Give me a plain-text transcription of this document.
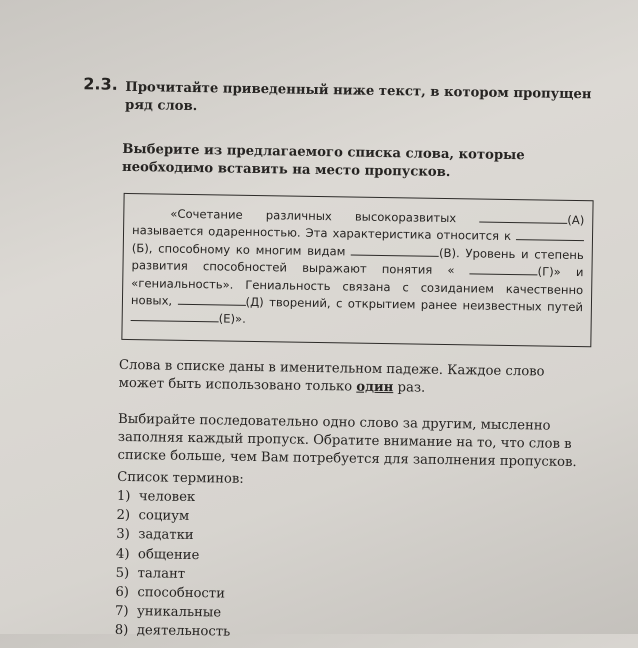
2.3. Прочитайте приведенный ниже текст, в котором пропущен ряд слов.
Выберите из предлагаемого списка слова, которые необходимо вставить на место пропусков.
«Сочетание различных высокоразвитых	(А) называется одаренностью. Эта характеристика относится к (Б), способному ко многим видам	(В). Уровень и степень развития способностей выражают понятия «	(Г)» и «гениальность». Гениальность связана с созиданием качественно новых,	(Д) творений, с открытием ранее неизвестных путей (Е)».
Слова в списке даны в именительном падеже. Каждое слово может быть использовано только один раз.
Выбирайте последовательно одно слово за другим, мысленно заполняя каждый пропуск. Обратите внимание на то, что слов в списке больше, чем Вам потребуется для заполнения пропусков.
Список терминов:
1) человек
2) социум
3) задатки
4) общение
5) талант
6) способности
7) уникальные
8) деятельность
